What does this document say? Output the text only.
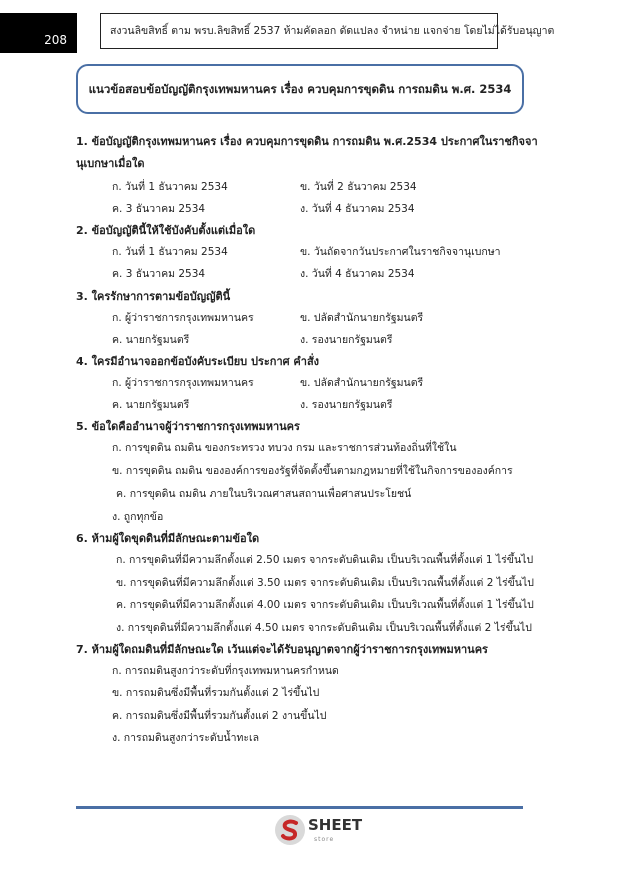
208
สงวนลิขสิทธิ์ ตาม พรบ.ลิขสิทธิ์ 2537 ห้ามคัดลอก ดัดแปลง จำหน่าย แจกจ่าย โดยไม่ได้รับอนุญาต
แนวข้อสอบข้อบัญญัติกรุงเทพมหานคร เรื่อง ควบคุมการขุดดิน การถมดิน พ.ศ. 2534
1. ข้อบัญญัติกรุงเทพมหานคร เรื่อง ควบคุมการขุดดิน การถมดิน พ.ศ.2534 ประกาศในราชกิจจา
นุเบกษาเมื่อใด
ก. วันที่ 1 ธันวาคม 2534	ข. วันที่ 2 ธันวาคม 2534
ค. 3 ธันวาคม 2534	ง. วันที่ 4 ธันวาคม 2534
2. ข้อบัญญัตินี้ให้ใช้บังคับตั้งแต่เมื่อใด
ก. วันที่ 1 ธันวาคม 2534	ข. วันถัดจากวันประกาศในราชกิจจานุเบกษา
ค. 3 ธันวาคม 2534	ง. วันที่ 4 ธันวาคม 2534
3. ใครรักษาการตามข้อบัญญัตินี้
ก. ผู้ว่าราชการกรุงเทพมหานคร	ข. ปลัดสำนักนายกรัฐมนตรี
ค. นายกรัฐมนตรี	ง. รองนายกรัฐมนตรี
4. ใครมีอำนาจออกข้อบังคับระเบียบ ประกาศ คำสั่ง
ก. ผู้ว่าราชการกรุงเทพมหานคร	ข. ปลัดสำนักนายกรัฐมนตรี
ค. นายกรัฐมนตรี	ง. รองนายกรัฐมนตรี
5. ข้อใดคืออำนาจผู้ว่าราชการกรุงเทพมหานคร
ก. การขุดดิน ถมดิน ของกระทรวง ทบวง กรม และราชการส่วนท้องถิ่นที่ใช้ใน
ข. การขุดดิน ถมดิน ขององค์การของรัฐที่จัดตั้งขึ้นตามกฎหมายที่ใช้ในกิจการขององค์การ
ค. การขุดดิน ถมดิน ภายในบริเวณศาสนสถานเพื่อศาสนประโยชน์
ง. ถูกทุกข้อ
6. ห้ามผู้ใดขุดดินที่มีลักษณะตามข้อใด
ก. การขุดดินที่มีความลึกตั้งแต่ 2.50 เมตร จากระดับดินเดิม เป็นบริเวณพื้นที่ตั้งแต่ 1 ไร่ขึ้นไป
ข. การขุดดินที่มีความลึกตั้งแต่ 3.50 เมตร จากระดับดินเดิม เป็นบริเวณพื้นที่ตั้งแต่ 2 ไร่ขึ้นไป
ค. การขุดดินที่มีความลึกตั้งแต่ 4.00 เมตร จากระดับดินเดิม เป็นบริเวณพื้นที่ตั้งแต่ 1 ไร่ขึ้นไป
ง. การขุดดินที่มีความลึกตั้งแต่ 4.50 เมตร จากระดับดินเดิม เป็นบริเวณพื้นที่ตั้งแต่ 2 ไร่ขึ้นไป
7. ห้ามผู้ใดถมดินที่มีลักษณะใด เว้นแต่จะได้รับอนุญาตจากผู้ว่าราชการกรุงเทพมหานคร
ก. การถมดินสูงกว่าระดับที่กรุงเทพมหานครกำหนด
ข. การถมดินซึ่งมีพื้นที่รวมกันตั้งแต่ 2 ไร่ขึ้นไป
ค. การถมดินซึ่งมีพื้นที่รวมกันตั้งแต่ 2 งานขึ้นไป
ง. การถมดินสูงกว่าระดับน้ำทะเล
SHEET
store
